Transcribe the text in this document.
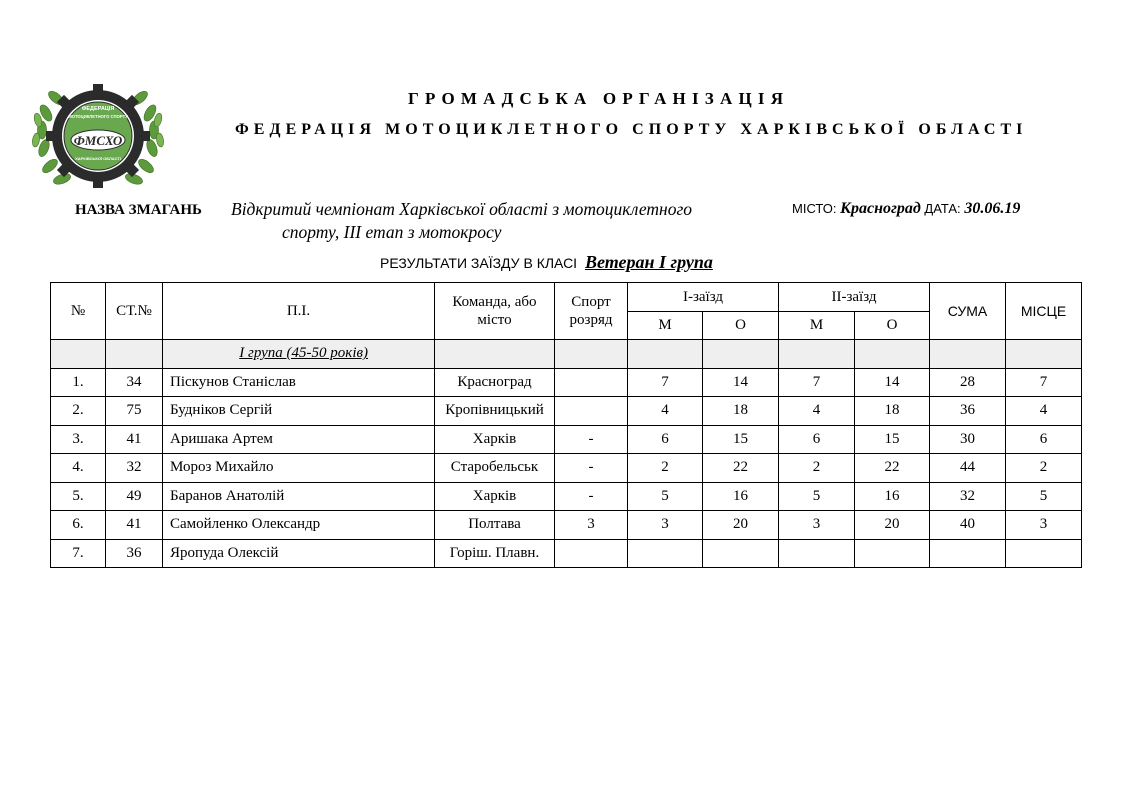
ФЕДЕРАЦІЯ
МОТОЦИКЛЕТНОГО СПОРТУ
ФМСХО
ХАРКІВСЬКОЇ ОБЛАСТІ
ГРОМАДСЬКА ОРГАНІЗАЦІЯ
ФЕДЕРАЦІЯ МОТОЦИКЛЕТНОГО СПОРТУ ХАРКІВСЬКОЇ ОБЛАСТІ
НАЗВА ЗМАГАНЬ Відкритий чемпіонат Харківської області з мотоциклетного
спорту, ІІІ етап з мотокросу
МІСТО: Красноград ДАТА: 30.06.19
РЕЗУЛЬТАТИ ЗАЇЗДУ В КЛАСІ Ветеран І група
№	СТ.№	П.І.	Команда, або місто	Спорт розряд	І-заїзд		ІІ-заїзд		СУМА	МІСЦЕ
					М	О	М	О		
		І група (45-50 років)								
1.	34	Піскунов Станіслав	Красноград		7	14	7	14	28	7
2.	75	Будніков Сергій	Кропівницький		4	18	4	18	36	4
3.	41	Аришака Артем	Харків	-	6	15	6	15	30	6
4.	32	Мороз Михайло	Старобельськ	-	2	22	2	22	44	2
5.	49	Баранов Анатолій	Харків	-	5	16	5	16	32	5
6.	41	Самойленко Олександр	Полтава	3	3	20	3	20	40	3
7.	36	Яропуда Олексій	Горіш. Плавн.							
